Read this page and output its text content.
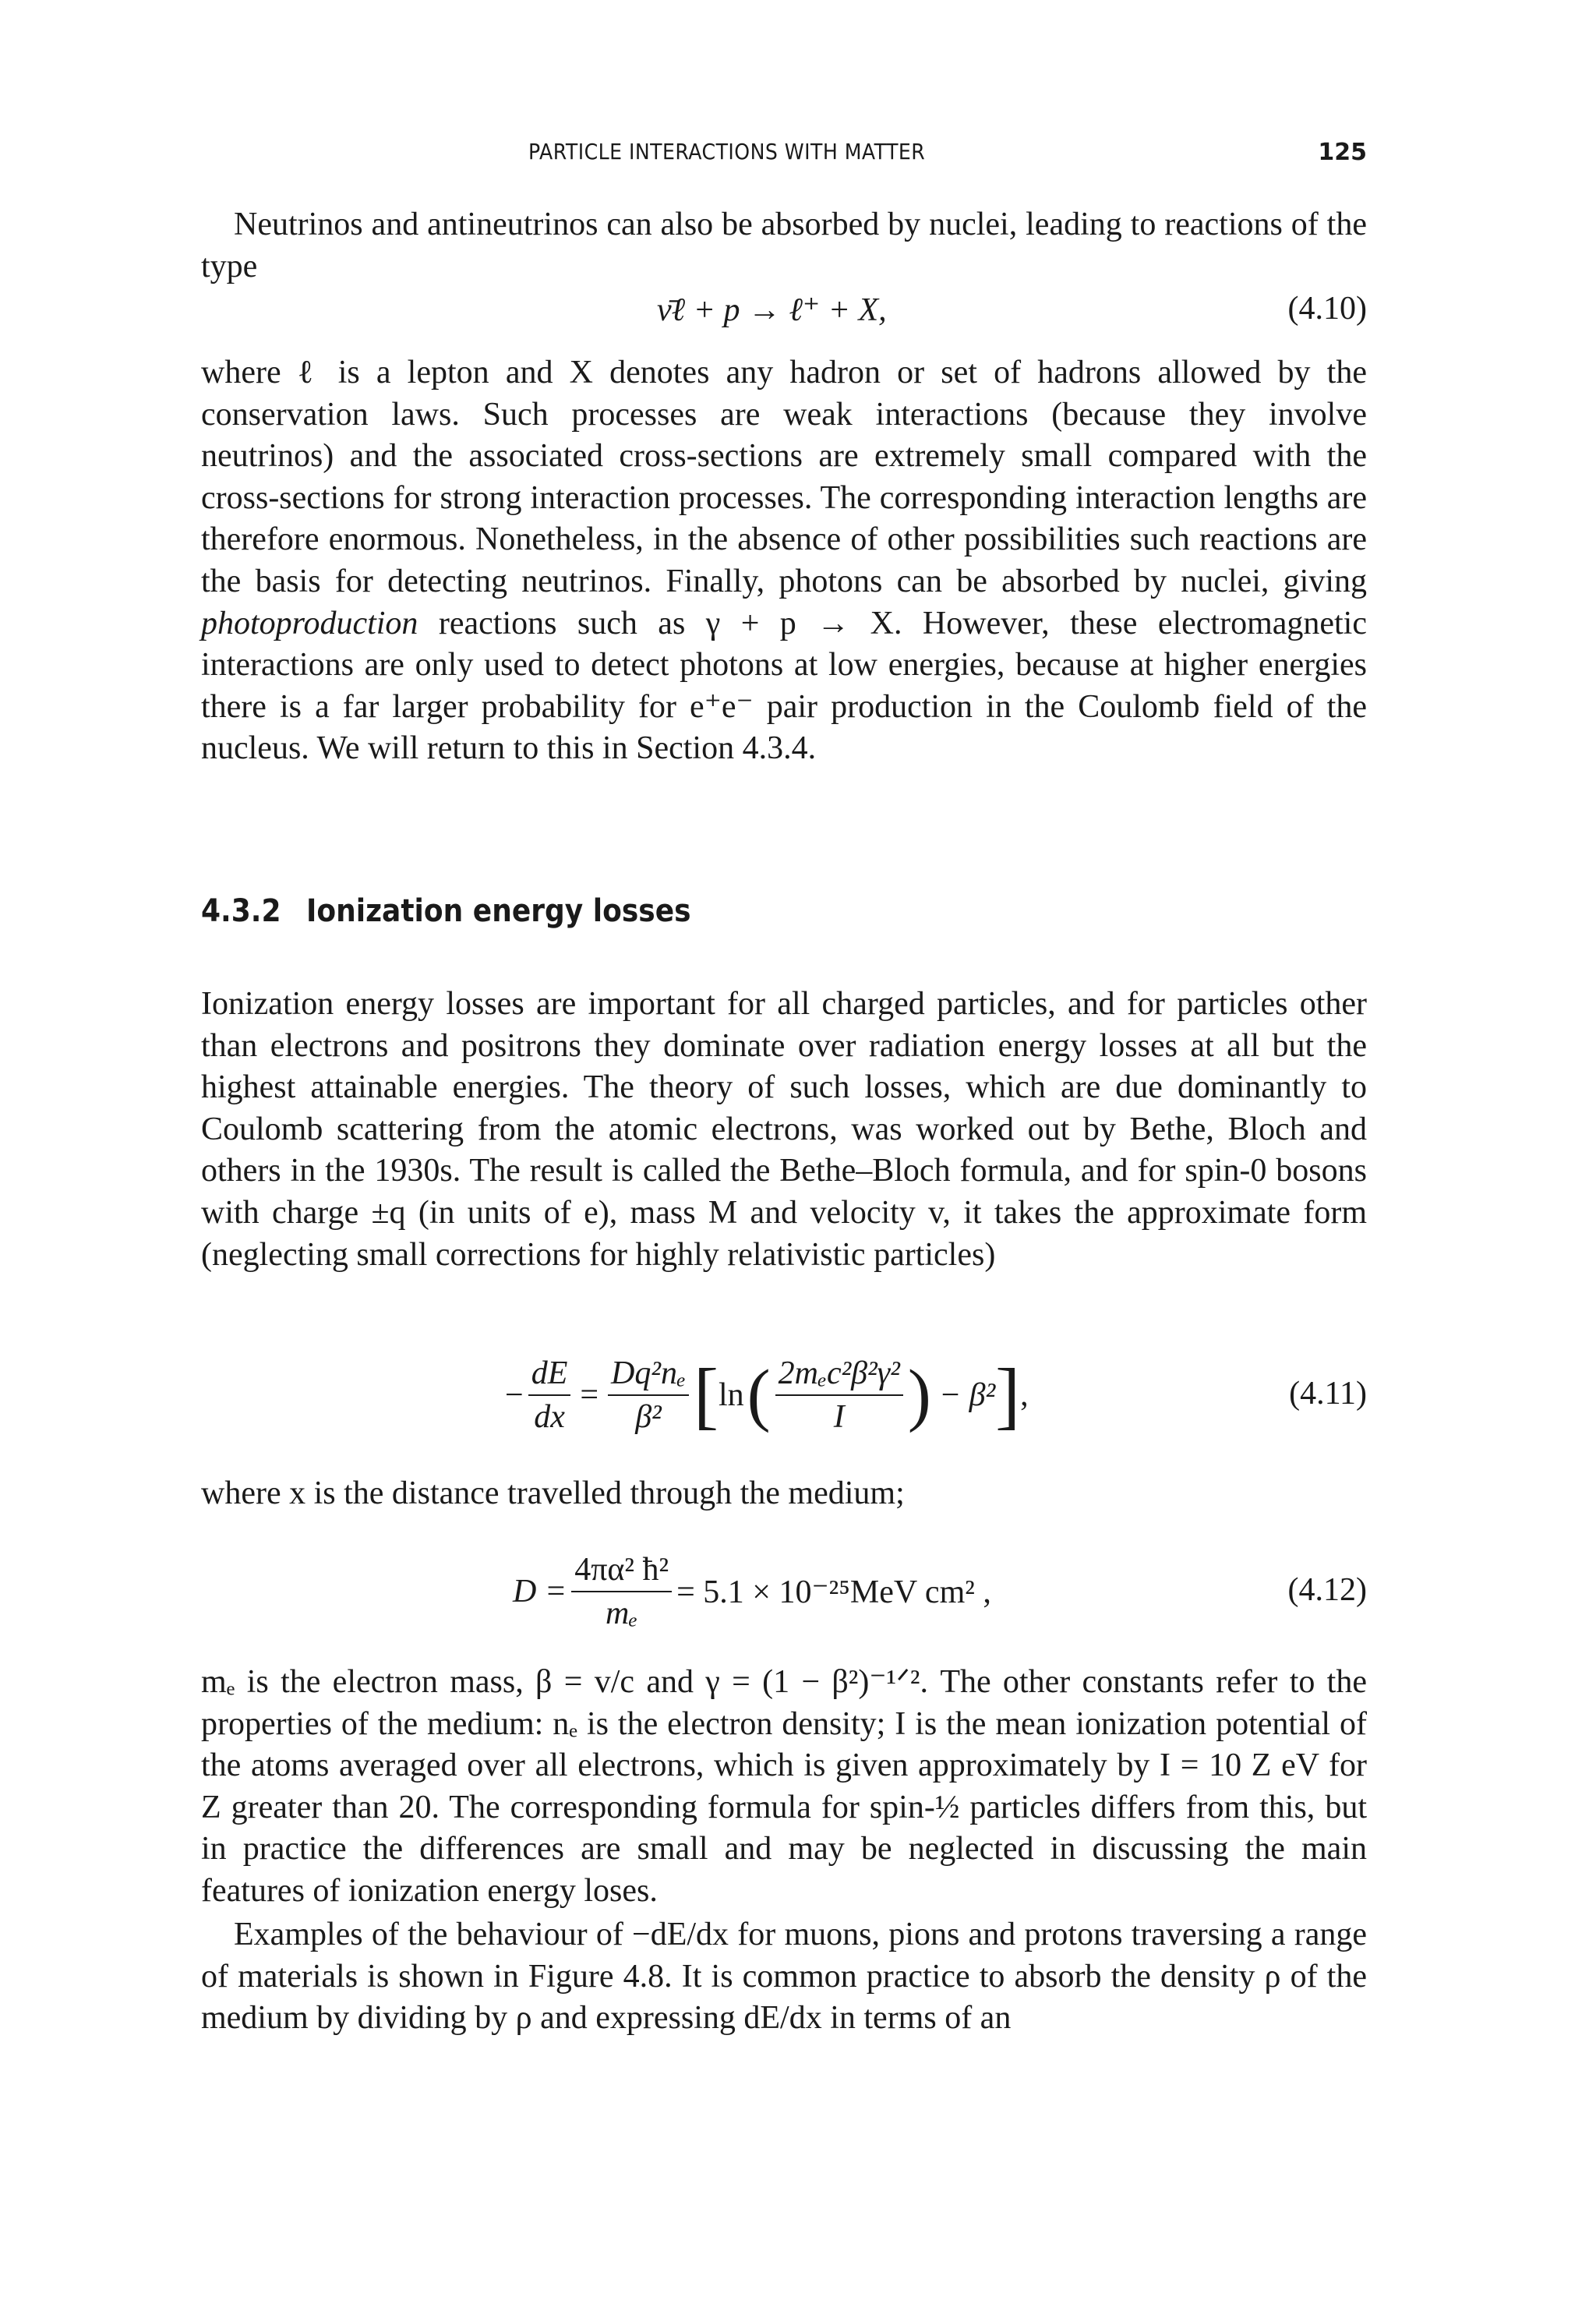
PARTICLE INTERACTIONS WITH MATTER	125

Neutrinos and antineutrinos can also be absorbed by nuclei, leading to reactions of the type

ν̄ℓ + p → ℓ⁺ + X,	(4.10)

where ℓ is a lepton and X denotes any hadron or set of hadrons allowed by the conservation laws. Such processes are weak interactions (because they involve neutrinos) and the associated cross-sections are extremely small compared with the cross-sections for strong interaction processes. The corresponding interaction lengths are therefore enormous. Nonetheless, in the absence of other possibilities such reactions are the basis for detecting neutrinos. Finally, photons can be absorbed by nuclei, giving photoproduction reactions such as γ + p → X. However, these electromagnetic interactions are only used to detect photons at low energies, because at higher energies there is a far larger probability for e⁺e⁻ pair production in the Coulomb field of the nucleus. We will return to this in Section 4.3.4.

4.3.2 Ionization energy losses

Ionization energy losses are important for all charged particles, and for particles other than electrons and positrons they dominate over radiation energy losses at all but the highest attainable energies. The theory of such losses, which are due dominantly to Coulomb scattering from the atomic electrons, was worked out by Bethe, Bloch and others in the 1930s. The result is called the Bethe–Bloch formula, and for spin-0 bosons with charge ±q (in units of e), mass M and velocity v, it takes the approximate form (neglecting small corrections for highly relativistic particles)

− $\frac{dE}{dx} = \frac{\text{Dq²nₑ}}{\text{β²}}$ [ ln ( $\frac{\text{2mₑc²β²γ²}}{I}$ ) − β² ] ,	(4.11)

where x is the distance travelled through the medium;

$D = \frac{\text{4πα² ħ²}}{\text{mₑ}} = 5.1 \times 10^{-25}MeV$ cm² ,	(4.12)

mₑ is the electron mass, β = v/c and γ = (1 − β²)⁻¹ᐟ². The other constants refer to the properties of the medium: nₑ is the electron density; I is the mean ionization potential of the atoms averaged over all electrons, which is given approximately by I = 10 Z eV for Z greater than 20. The corresponding formula for spin-½ particles differs from this, but in practice the differences are small and may be neglected in discussing the main features of ionization energy loses.

Examples of the behaviour of −dE/dx for muons, pions and protons traversing a range of materials is shown in Figure 4.8. It is common practice to absorb the density ρ of the medium by dividing by ρ and expressing dE/dx in terms of an
